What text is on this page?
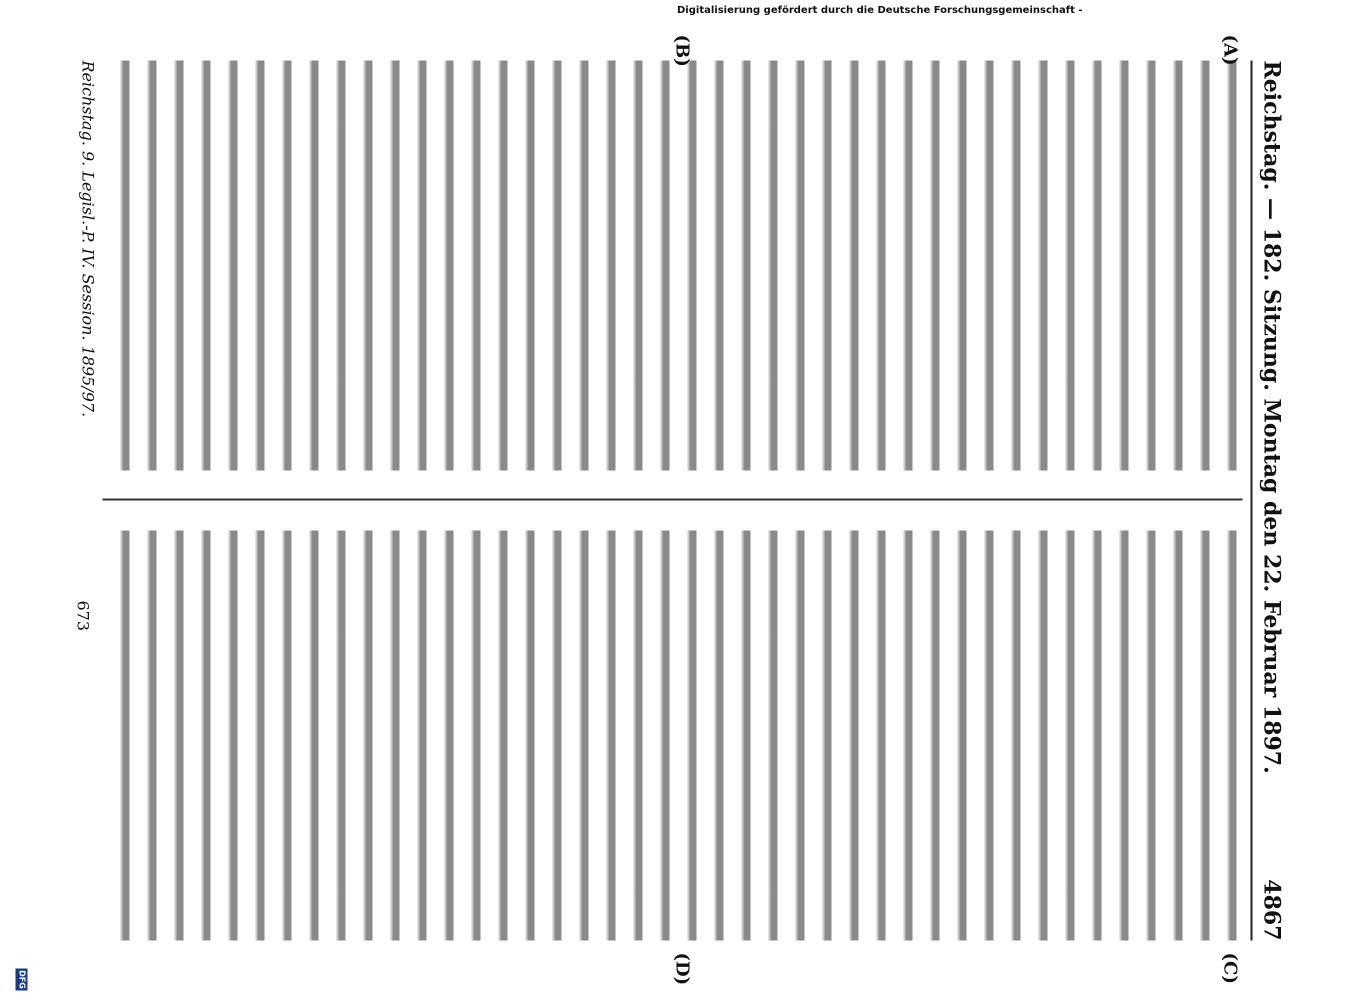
Reichstag. — 182. Sitzung. Montag den 22. Februar 1897.
4867
(A)
(B)
(C)
(D)
Reichstag. 9. Legisl.-P. IV. Session. 1895/97.
673
Digitalisierung gefördert durch die Deutsche Forschungsgemeinschaft -
DFG
